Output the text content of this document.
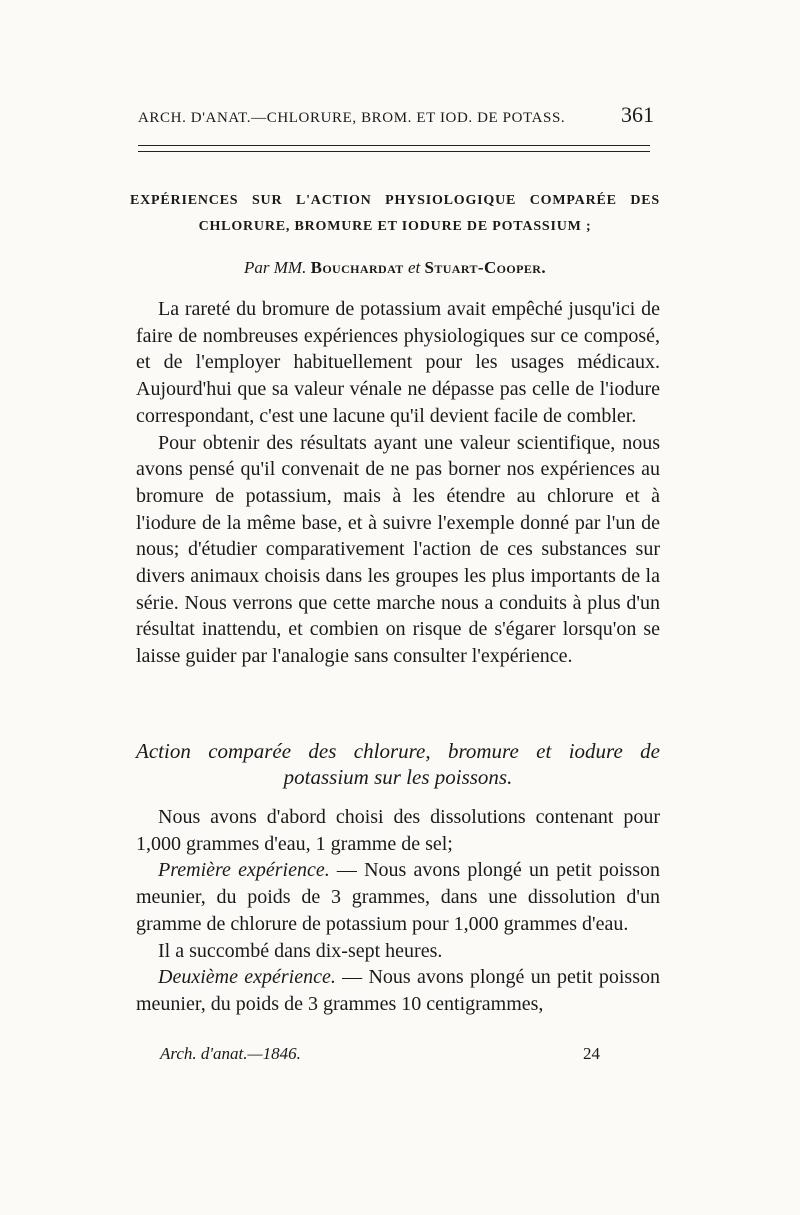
ARCH. D'ANAT.—CHLORURE, BROM. ET IOD. DE POTASS.	361
EXPÉRIENCES SUR L'ACTION PHYSIOLOGIQUE COMPARÉE DES
CHLORURE, BROMURE ET IODURE DE POTASSIUM ;
Par MM. Bouchardat et Stuart-Cooper.

La rareté du bromure de potassium avait empêché jusqu'ici de faire de nombreuses expériences physiologiques sur ce composé, et de l'employer habituellement pour les usages médicaux. Aujourd'hui que sa valeur vénale ne dépasse pas celle de l'iodure correspondant, c'est une lacune qu'il devient facile de combler.

Pour obtenir des résultats ayant une valeur scientifique, nous avons pensé qu'il convenait de ne pas borner nos expériences au bromure de potassium, mais à les étendre au chlorure et à l'iodure de la même base, et à suivre l'exemple donné par l'un de nous; d'étudier comparativement l'action de ces substances sur divers animaux choisis dans les groupes les plus importants de la série. Nous verrons que cette marche nous a conduits à plus d'un résultat inattendu, et combien on risque de s'égarer lorsqu'on se laisse guider par l'analogie sans consulter l'expérience.

Action comparée des chlorure, bromure et iodure de
potassium sur les poissons.

Nous avons d'abord choisi des dissolutions contenant pour 1,000 grammes d'eau, 1 gramme de sel;

Première expérience. — Nous avons plongé un petit poisson meunier, du poids de 3 grammes, dans une dissolution d'un gramme de chlorure de potassium pour 1,000 grammes d'eau.

Il a succombé dans dix-sept heures.

Deuxième expérience. — Nous avons plongé un petit poisson meunier, du poids de 3 grammes 10 centigrammes,

Arch. d'anat.—1846.	24
